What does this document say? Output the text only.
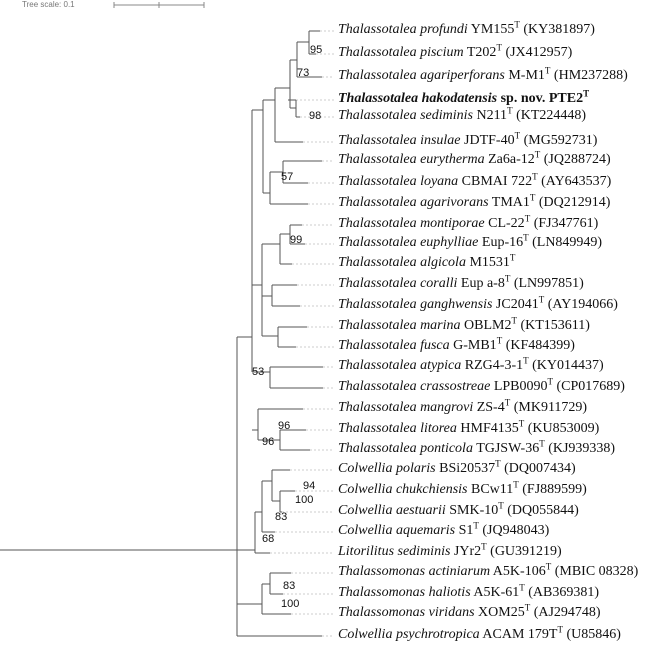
Tree scale: 0.1
Thalassotalea profundi $YM155^T$ (KY381897)
Thalassotalea piscium $T202^T$ (JX412957)
Thalassotalea agariperforans $M-M1^T$ (HM237288)
Thalassotalea hakodatensis sp. nov. $PTE2^T$
Thalassotalea sediminis $N211^T$ (KT224448)
Thalassotalea insulae JDTF-$40^T$ (MG592731)
Thalassotalea eurytherma $Za6a-12^T$ (JQ288724)
Thalassotalea loyana CBMAI $722^T$ (AY643537)
Thalassotalea agarivorans $TMA1^T$ (DQ212914)
Thalassotalea montiporae $CL-22^T$ (FJ347761)
Thalassotalea euphylliae Eup-$16^T$ (LN849949)
Thalassotalea algicola $M1531^T$
Thalassotalea coralli Eup $a-8^T$ (LN997851)
Thalassotalea ganghwensis $JC2041^T$ (AY194066)
Thalassotalea marina $OBLM2^T$ (KT153611)
Thalassotalea fusca $G-MB1^T$ (KF484399)
Thalassotalea atypica $RZG4-3-1^T$ (KY014437)
Thalassotalea crassostreae $LPB0090^T$ (CP017689)
Thalassotalea mangrovi $ZS-4^T$ (MK911729)
Thalassotalea litorea $HMF4135^T$ (KU853009)
Thalassotalea ponticola TGJSW-$36^T$ (KJ939338)
Colwellia polaris $BSi20537^T$ (DQ007434)
Colwellia chukchiensis $BCw11^T$ (FJ889599)
Colwellia aestuarii SMK-$10^T$ (DQ055844)
Colwellia aquemaris $S1^T$ (JQ948043)
Litorilitus sediminis $JYr2^T$ (GU391219)
Thalassomonas actiniarum $A5K-106^T$ (MBIC 08328)
Thalassomonas haliotis $A5K-61^T$ (AB369381)
Thalassomonas viridans $XOM25^T$ (AJ294748)
Colwellia psychrotropica ACAM $179T^T$ (U85846)
95
73
98
57
99
53
96
96
94
100
83
68
83
100
